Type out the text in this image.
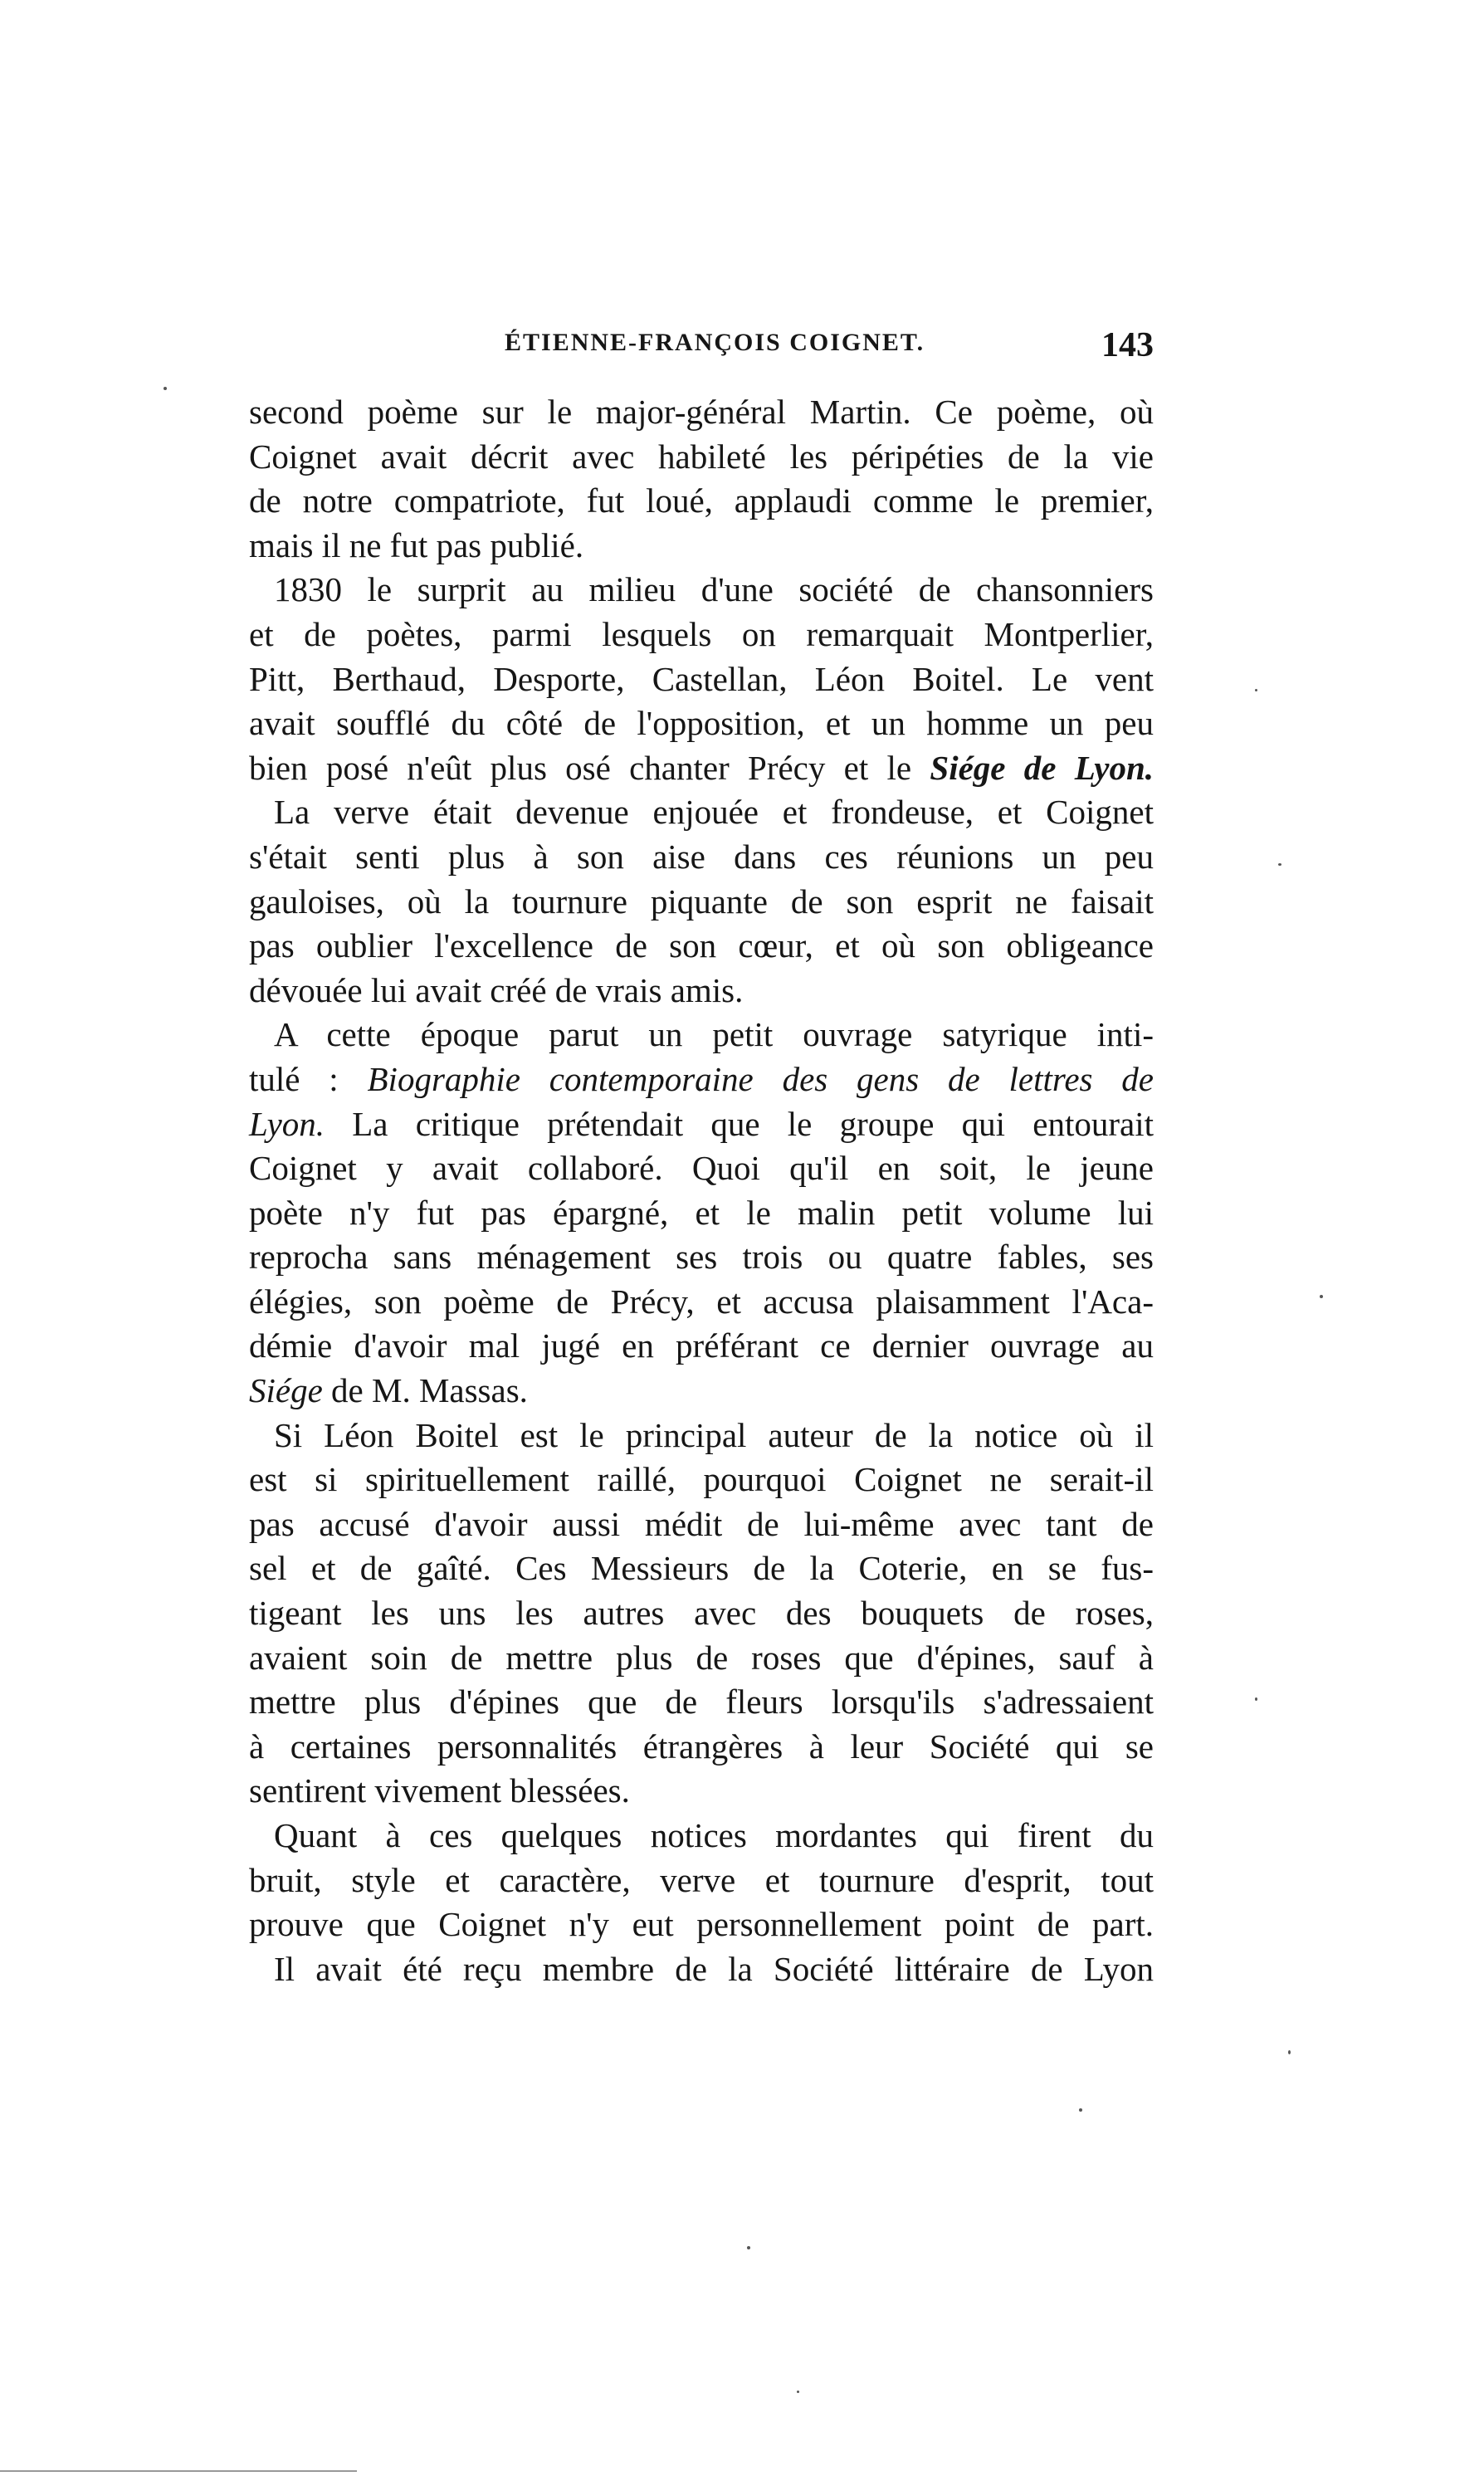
ÉTIENNE-FRANÇOIS COIGNET.	143
second poème sur le major-général Martin. Ce poème, où
Coignet avait décrit avec habileté les péripéties de la vie
de notre compatriote, fut loué, applaudi comme le premier,
mais il ne fut pas publié.
1830 le surprit au milieu d'une société de chansonniers
et de poètes, parmi lesquels on remarquait Montperlier,
Pitt, Berthaud, Desporte, Castellan, Léon Boitel. Le vent
avait soufflé du côté de l'opposition, et un homme un peu
bien posé n'eût plus osé chanter Précy et le Siége de Lyon.
La verve était devenue enjouée et frondeuse, et Coignet
s'était senti plus à son aise dans ces réunions un peu
gauloises, où la tournure piquante de son esprit ne faisait
pas oublier l'excellence de son cœur, et où son obligeance
dévouée lui avait créé de vrais amis.
A cette époque parut un petit ouvrage satyrique inti-
tulé : Biographie contemporaine des gens de lettres de
Lyon. La critique prétendait que le groupe qui entourait
Coignet y avait collaboré. Quoi qu'il en soit, le jeune
poète n'y fut pas épargné, et le malin petit volume lui
reprocha sans ménagement ses trois ou quatre fables, ses
élégies, son poème de Précy, et accusa plaisamment l'Aca-
démie d'avoir mal jugé en préférant ce dernier ouvrage au
Siége de M. Massas.
Si Léon Boitel est le principal auteur de la notice où il
est si spirituellement raillé, pourquoi Coignet ne serait-il
pas accusé d'avoir aussi médit de lui-même avec tant de
sel et de gaîté. Ces Messieurs de la Coterie, en se fus-
tigeant les uns les autres avec des bouquets de roses,
avaient soin de mettre plus de roses que d'épines, sauf à
mettre plus d'épines que de fleurs lorsqu'ils s'adressaient
à certaines personnalités étrangères à leur Société qui se
sentirent vivement blessées.
Quant à ces quelques notices mordantes qui firent du
bruit, style et caractère, verve et tournure d'esprit, tout
prouve que Coignet n'y eut personnellement point de part.
Il avait été reçu membre de la Société littéraire de Lyon
